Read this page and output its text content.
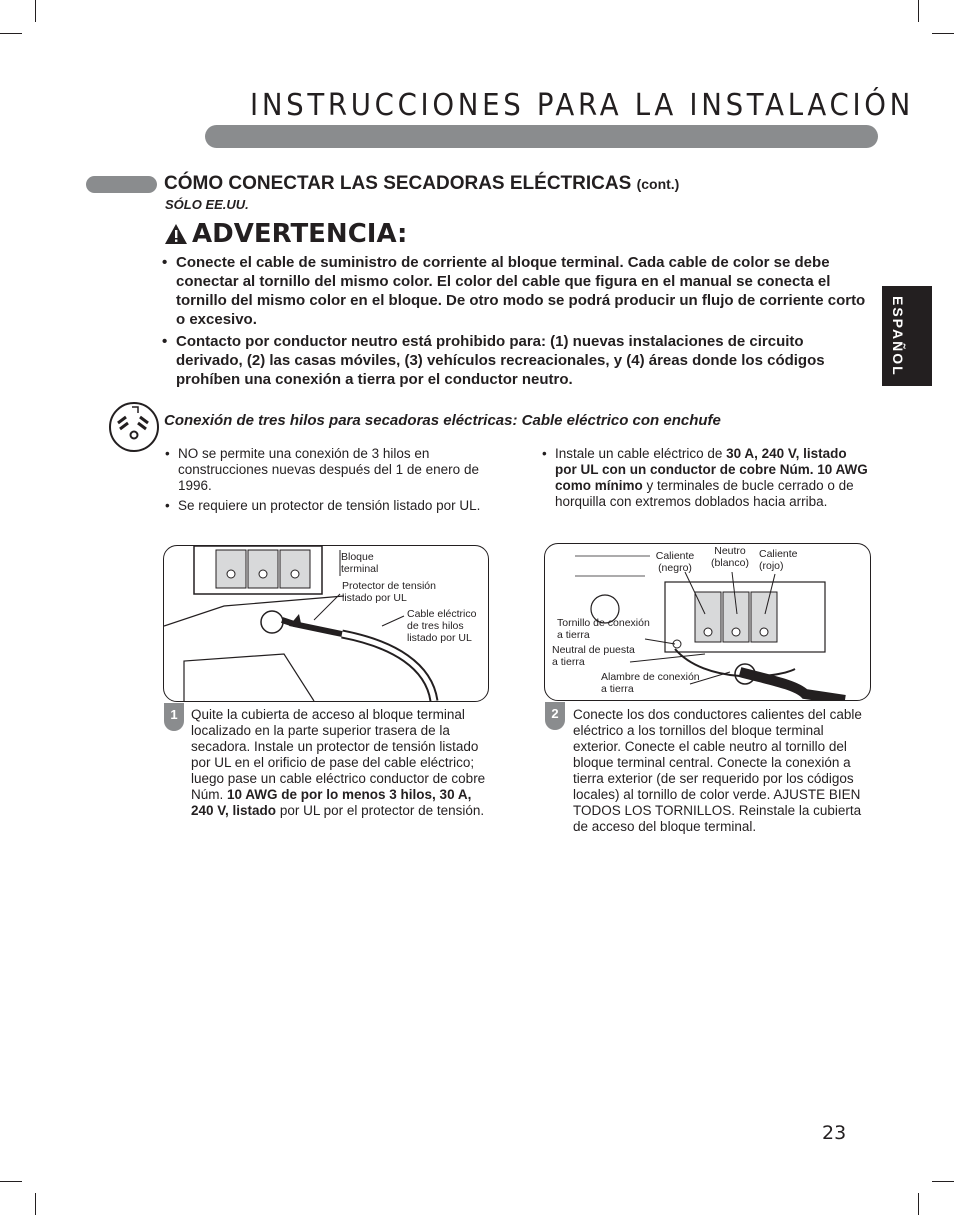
INSTRUCCIONES PARA LA INSTALACIÓN
CÓMO CONECTAR LAS SECADORAS ELÉCTRICAS (cont.)
SÓLO EE.UU.
ADVERTENCIA:
• Conecte el cable de suministro de corriente al bloque terminal. Cada cable de color se debe conectar al tornillo del mismo color. El color del cable que figura en el manual se conecta el tornillo del mismo color en el bloque. De otro modo se podrá producir un flujo de corriente corto o excesivo.
• Contacto por conductor neutro está prohibido para: (1) nuevas instalaciones de circuito derivado, (2) las casas móviles, (3) vehículos recreacionales, y (4) áreas donde los códigos prohíben una conexión a tierra por el conductor neutro.
ESPAÑOL
Conexión de tres hilos para secadoras eléctricas: Cable eléctrico con enchufe
• NO se permite una conexión de 3 hilos en construcciones nuevas después del 1 de enero de 1996.
• Se requiere un protector de tensión listado por UL.
• Instale un cable eléctrico de 30 A, 240 V, listado por UL con un conductor de cobre Núm. 10 AWG como mínimo y terminales de bucle cerrado o de horquilla con extremos doblados hacia arriba.
Bloque terminal
Protector de tensión listado por UL
Cable eléctrico de tres hilos listado por UL
1 Quite la cubierta de acceso al bloque terminal localizado en la parte superior trasera de la secadora. Instale un protector de tensión listado por UL en el orificio de pase del cable eléctrico; luego pase un cable eléctrico conductor de cobre Núm. 10 AWG de por lo menos 3 hilos, 30 A, 240 V, listado por UL por el protector de tensión.
Caliente (negro)
Neutro (blanco)
Caliente (rojo)
Tornillo de conexión a tierra
Neutral de puesta a tierra
Alambre de conexión a tierra
2	Conecte los dos conductores calientes del cable eléctrico a los tornillos del bloque terminal exterior. Conecte el cable neutro al tornillo del bloque terminal central. Conecte la conexión a tierra exterior (de ser requerido por los códigos locales) al tornillo de color verde. AJUSTE BIEN TODOS LOS TORNILLOS. Reinstale la cubierta de acceso del bloque terminal.
23
